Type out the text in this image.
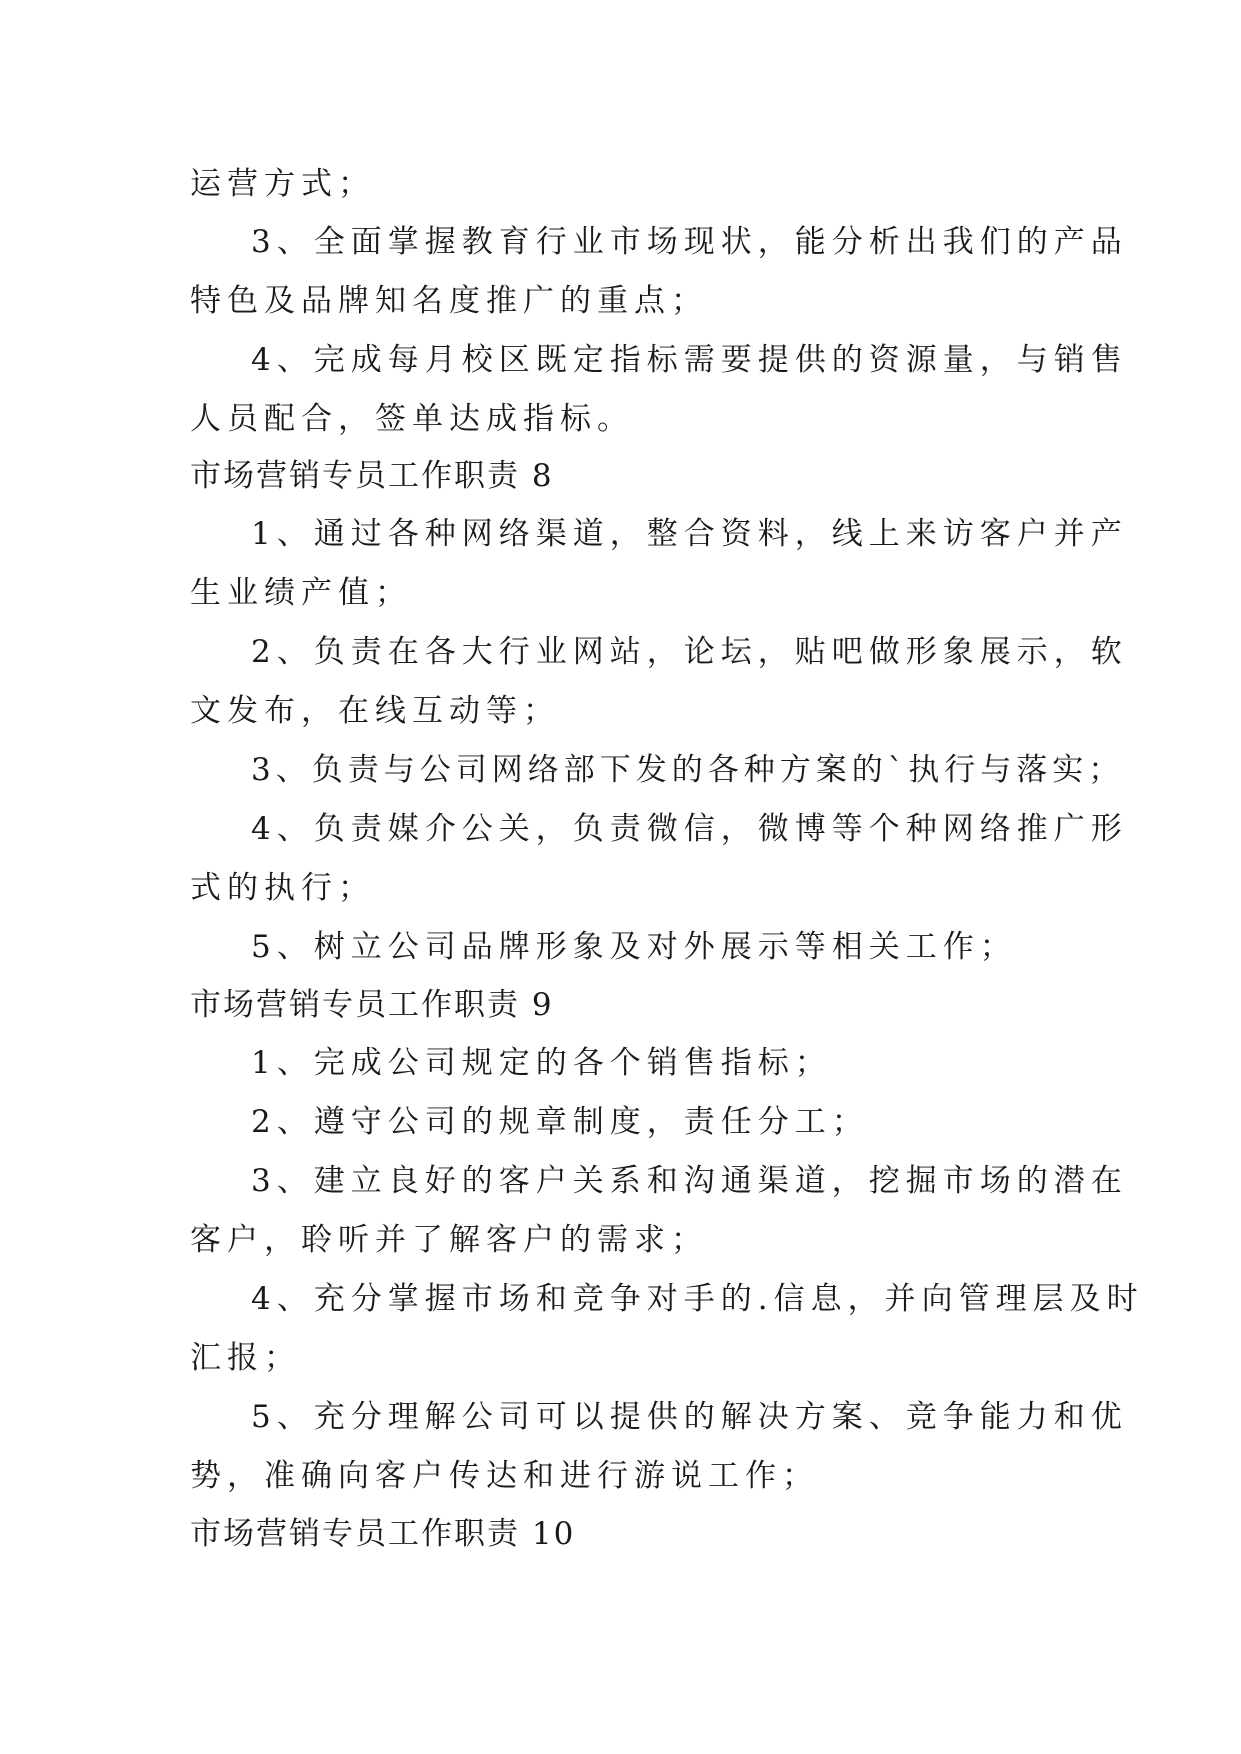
运营方式；
3、全面掌握教育行业市场现状，能分析出我们的产品
特色及品牌知名度推广的重点；
4、完成每月校区既定指标需要提供的资源量，与销售
人员配合，签单达成指标。
市场营销专员工作职责 8
1、通过各种网络渠道，整合资料，线上来访客户并产
生业绩产值；
2、负责在各大行业网站，论坛，贴吧做形象展示，软
文发布，在线互动等；
3、负责与公司网络部下发的各种方案的`执行与落实；
4、负责媒介公关，负责微信，微博等个种网络推广形
式的执行；
5、树立公司品牌形象及对外展示等相关工作；
市场营销专员工作职责 9
1、完成公司规定的各个销售指标；
2、遵守公司的规章制度，责任分工；
3、建立良好的客户关系和沟通渠道，挖掘市场的潜在
客户，聆听并了解客户的需求；
4、充分掌握市场和竞争对手的.信息，并向管理层及时
汇报；
5、充分理解公司可以提供的解决方案、竞争能力和优
势，准确向客户传达和进行游说工作；
市场营销专员工作职责 10
